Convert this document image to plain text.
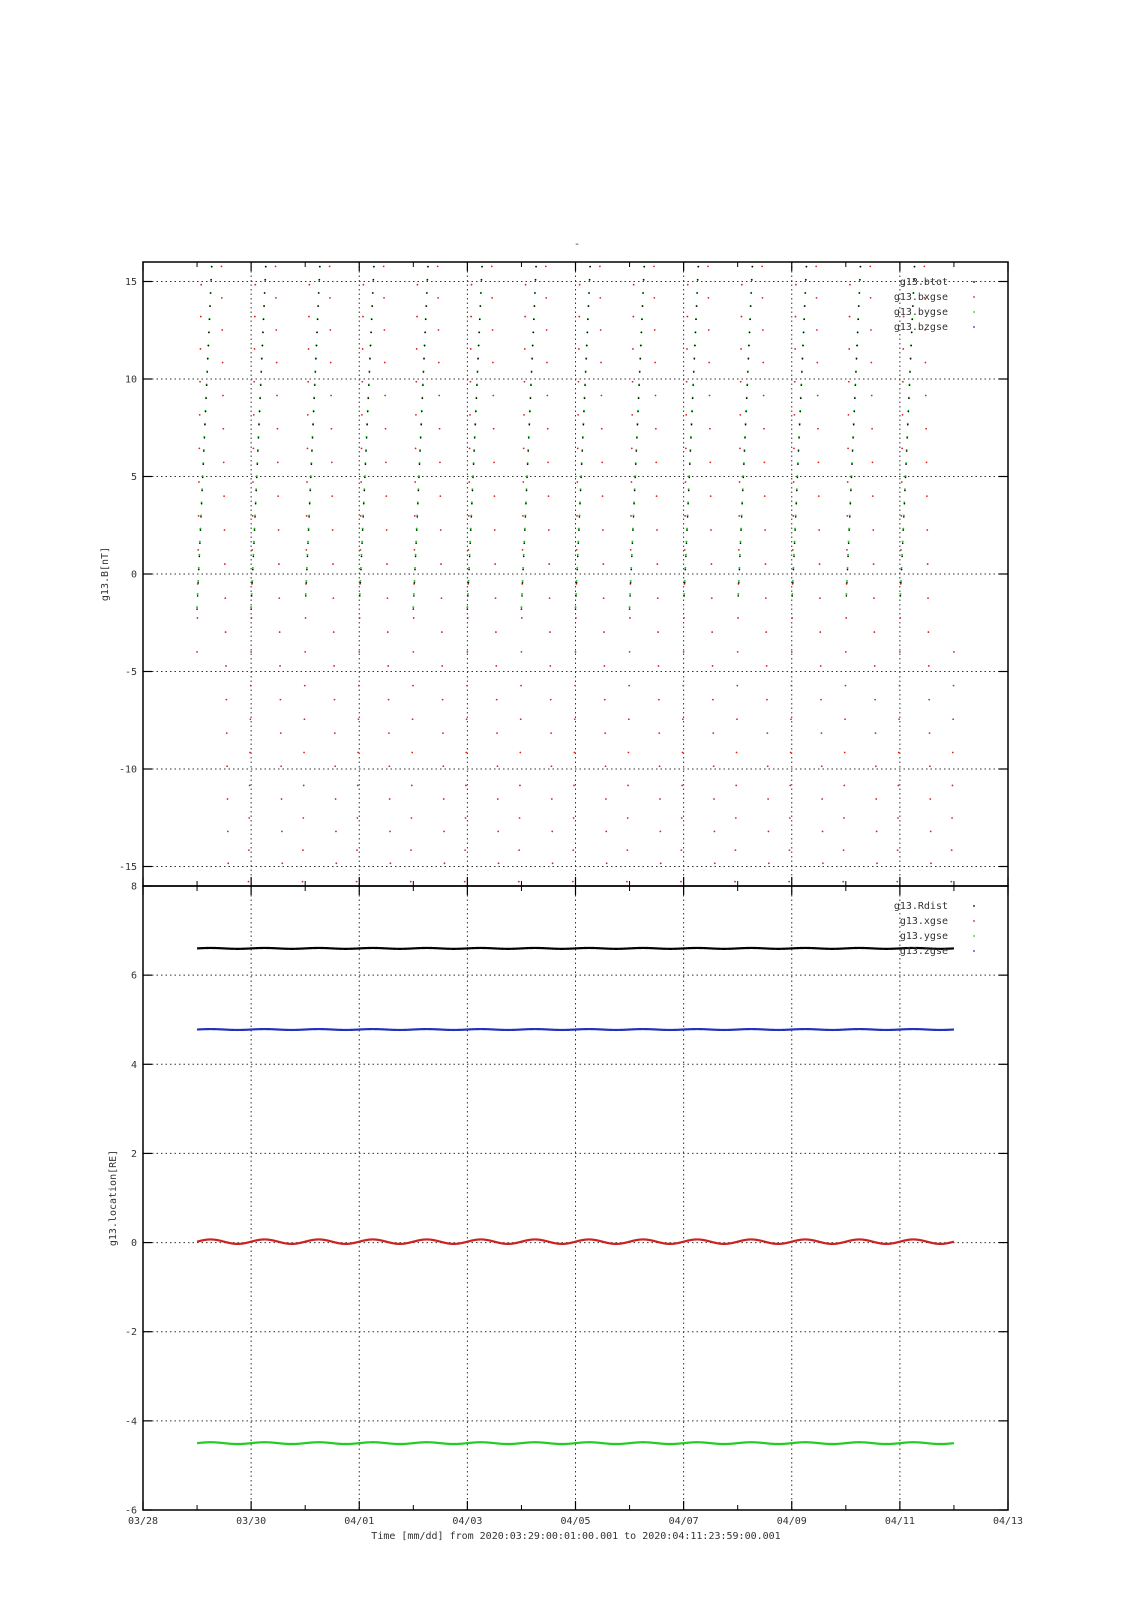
-
15
10
5
0
-5
-10
-15
g13.B[nT]
g13.btot
g13.bxgse
g13.bygse
g13.bzgse
8
6
4
2
0
-2
-4
-6
g13.location[RE]
g13.Rdist
g13.xgse
g13.ygse
g13.zgse
03/28	03/30	04/01	04/03	04/05	04/07	04/09	04/11	04/13
Time [mm/dd] from 2020:03:29:00:01:00.001 to 2020:04:11:23:59:00.001
